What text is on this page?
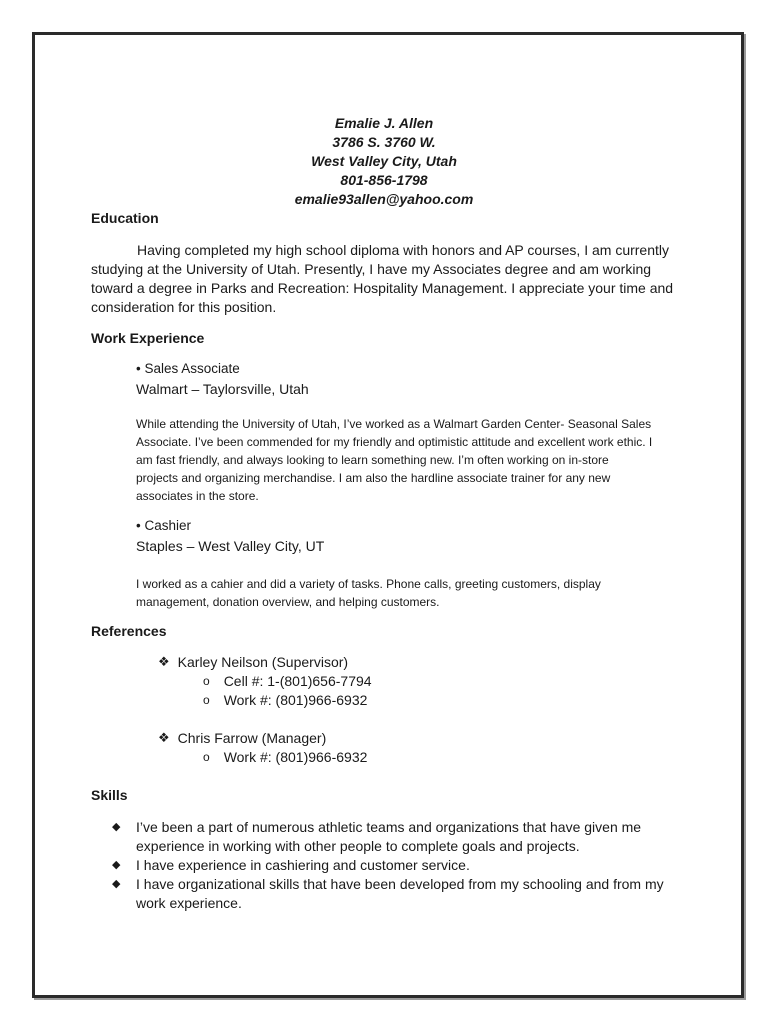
Emalie J. Allen
3786 S. 3760 W.
West Valley City, Utah
801-856-1798
emalie93allen@yahoo.com
Education
Having completed my high school diploma with honors and AP courses, I am currently
studying at the University of Utah. Presently, I have my Associates degree and am working
toward a degree in Parks and Recreation: Hospitality Management. I appreciate your time and
consideration for this position.
Work Experience
• Sales Associate
Walmart – Taylorsville, Utah
While attending the University of Utah, I’ve worked as a Walmart Garden Center- Seasonal Sales
Associate. I’ve been commended for my friendly and optimistic attitude and excellent work ethic. I
am fast friendly, and always looking to learn something new. I’m often working on in-store
projects and organizing merchandise. I am also the hardline associate trainer for any new
associates in the store.
• Cashier
Staples – West Valley City, UT
I worked as a cahier and did a variety of tasks. Phone calls, greeting customers, display
management, donation overview, and helping customers.
References
❖ Karley Neilson (Supervisor)
o Cell #: 1-(801)656-7794
o Work #: (801)966-6932
❖ Chris Farrow (Manager)
o Work #: (801)966-6932
Skills
◆ I’ve been a part of numerous athletic teams and organizations that have given me
experience in working with other people to complete goals and projects.
◆ I have experience in cashiering and customer service.
◆ I have organizational skills that have been developed from my schooling and from my
work experience.
